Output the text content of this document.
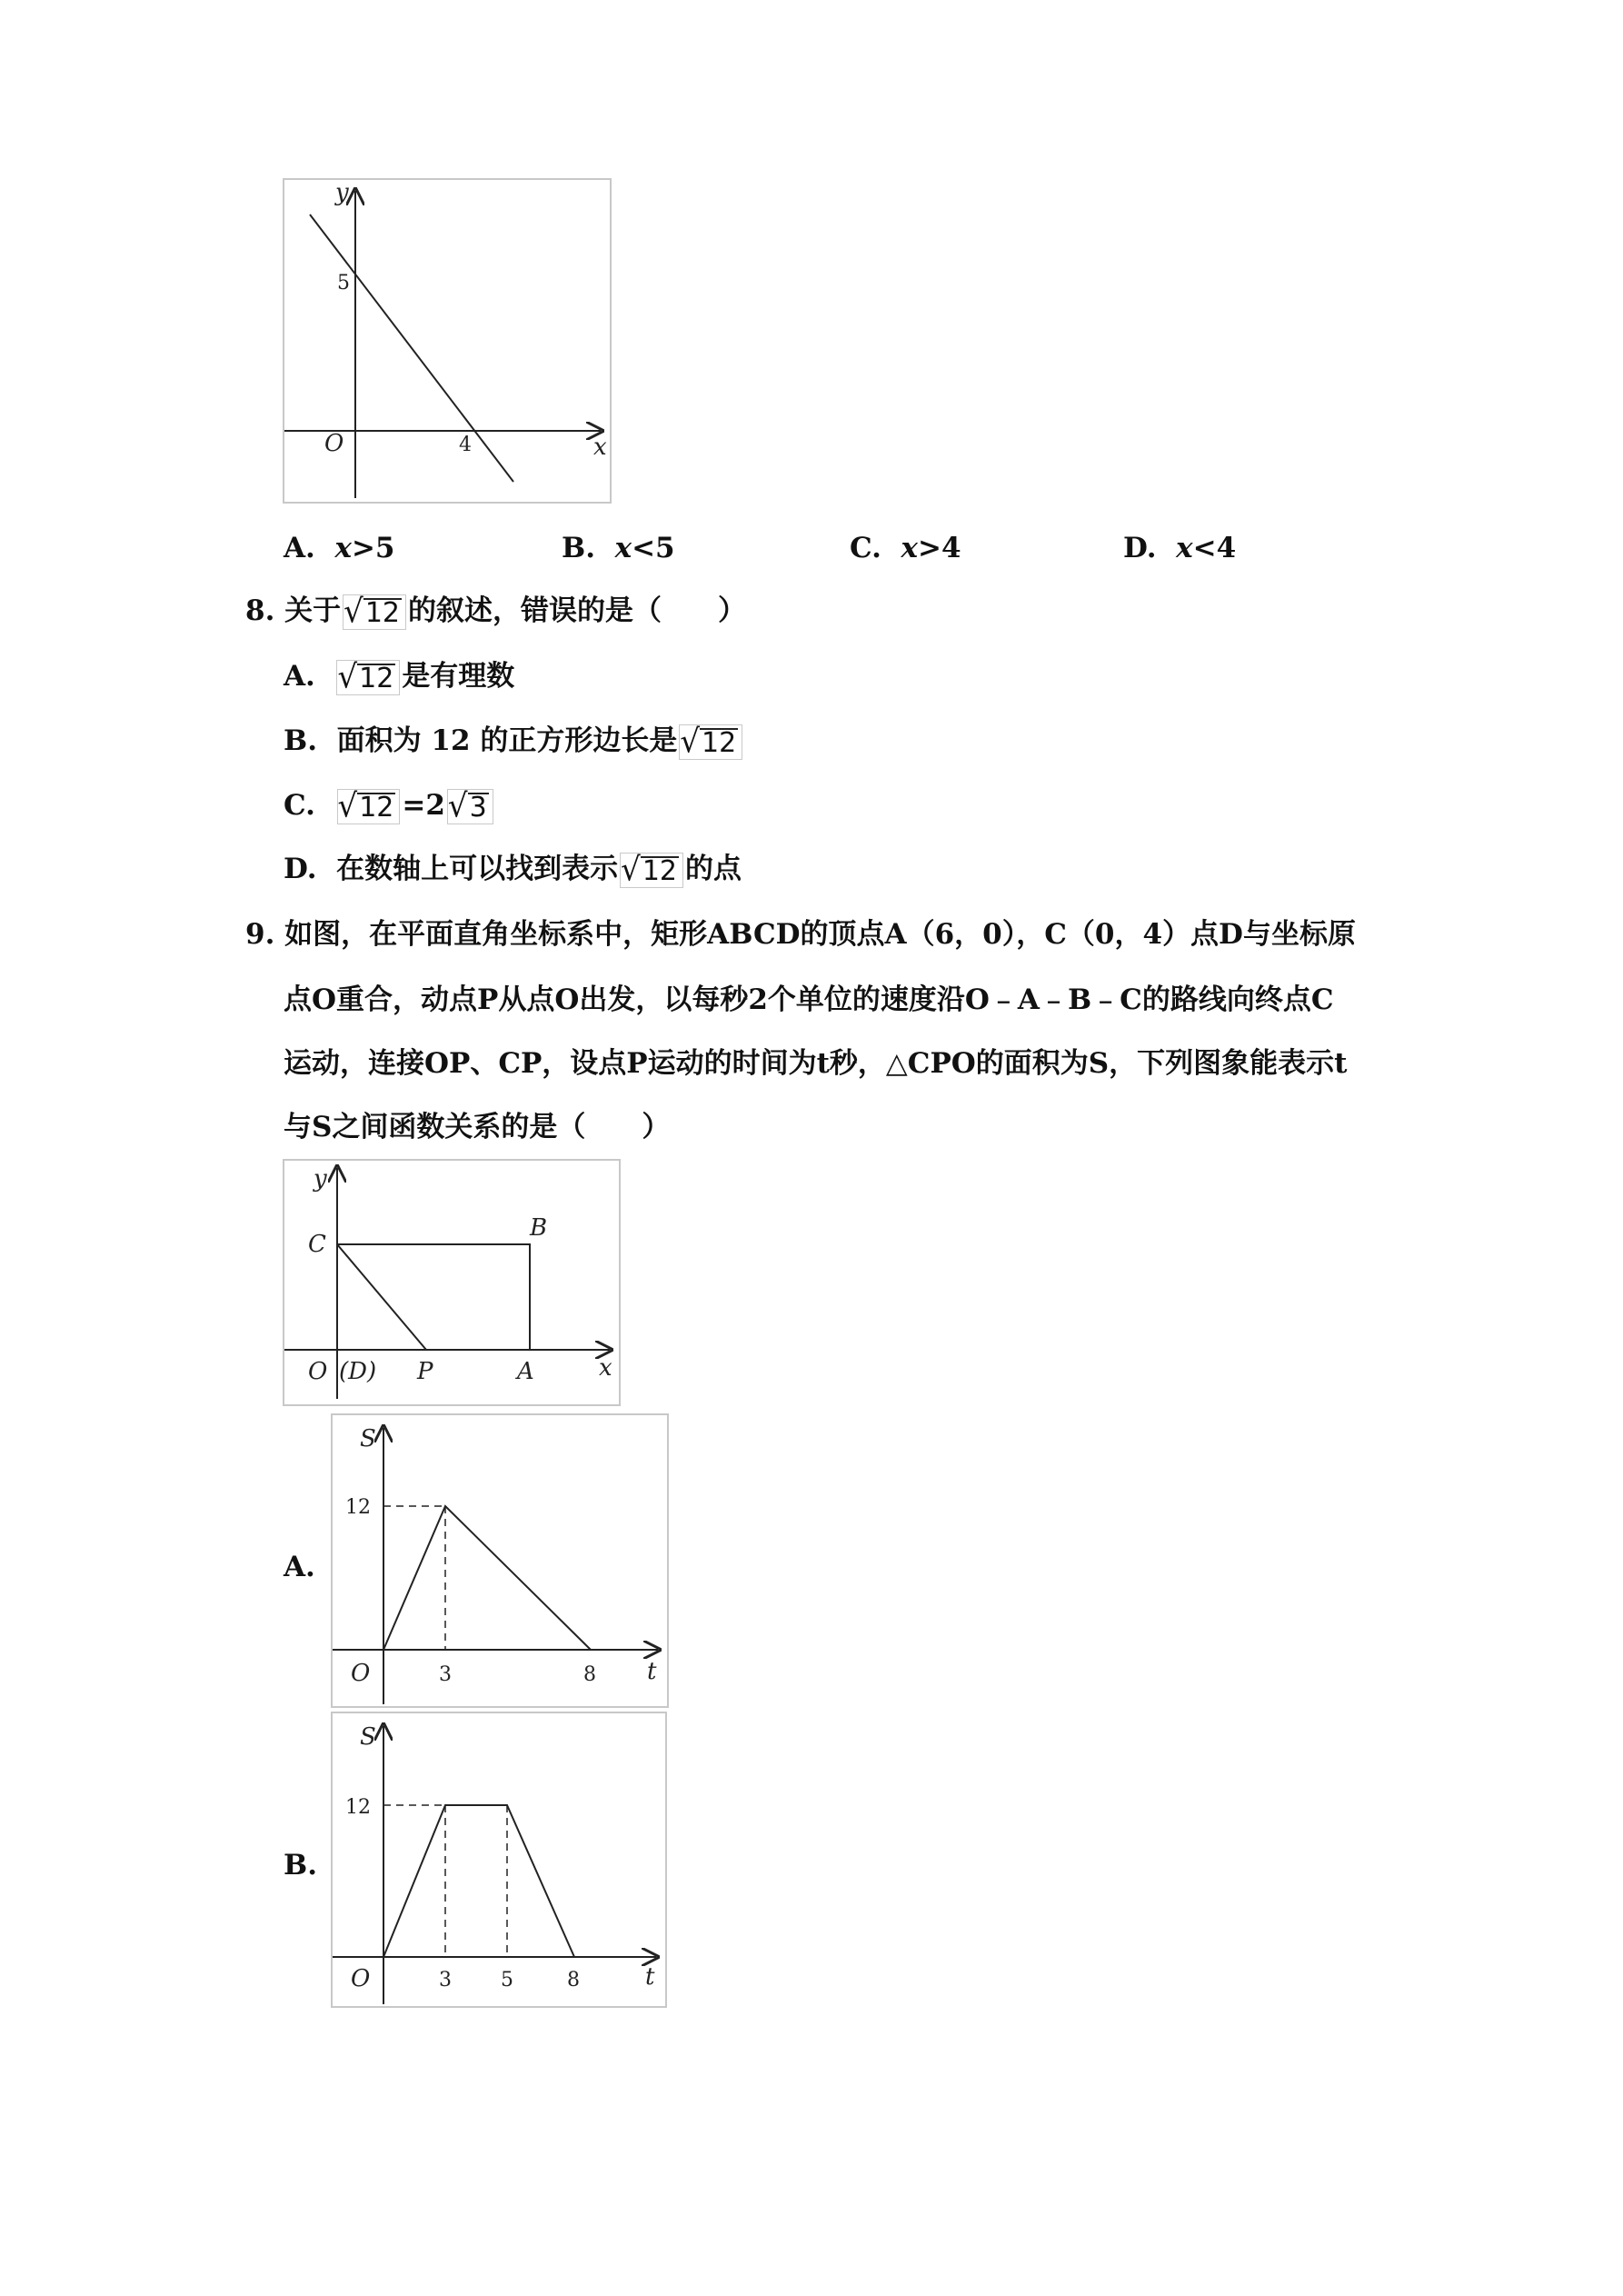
y
x
O
5
4
A. x>5	B. x<5	C. x>4	D. x<4
8. 关于√12 的叙述，错误的是（　　）
A. √12 是有理数
B. 面积为 12 的正方形边长是√12
C. √12 =2√3
D. 在数轴上可以找到表示√12 的点
9. 如图，在平面直角坐标系中，矩形ABCD的顶点A（6，0），C（0，4）点D与坐标原
点O重合，动点P从点O出发，以每秒2个单位的速度沿O﹣A﹣B﹣C的路线向终点C
运动，连接OP、CP，设点P运动的时间为t秒，△CPO的面积为S，下列图象能表示t
与S之间函数关系的是（　　）
y
x
C
B
O (D) P	A
A.
S
t
O
12
3	8
B.
S
t
O
12
3 5	8
